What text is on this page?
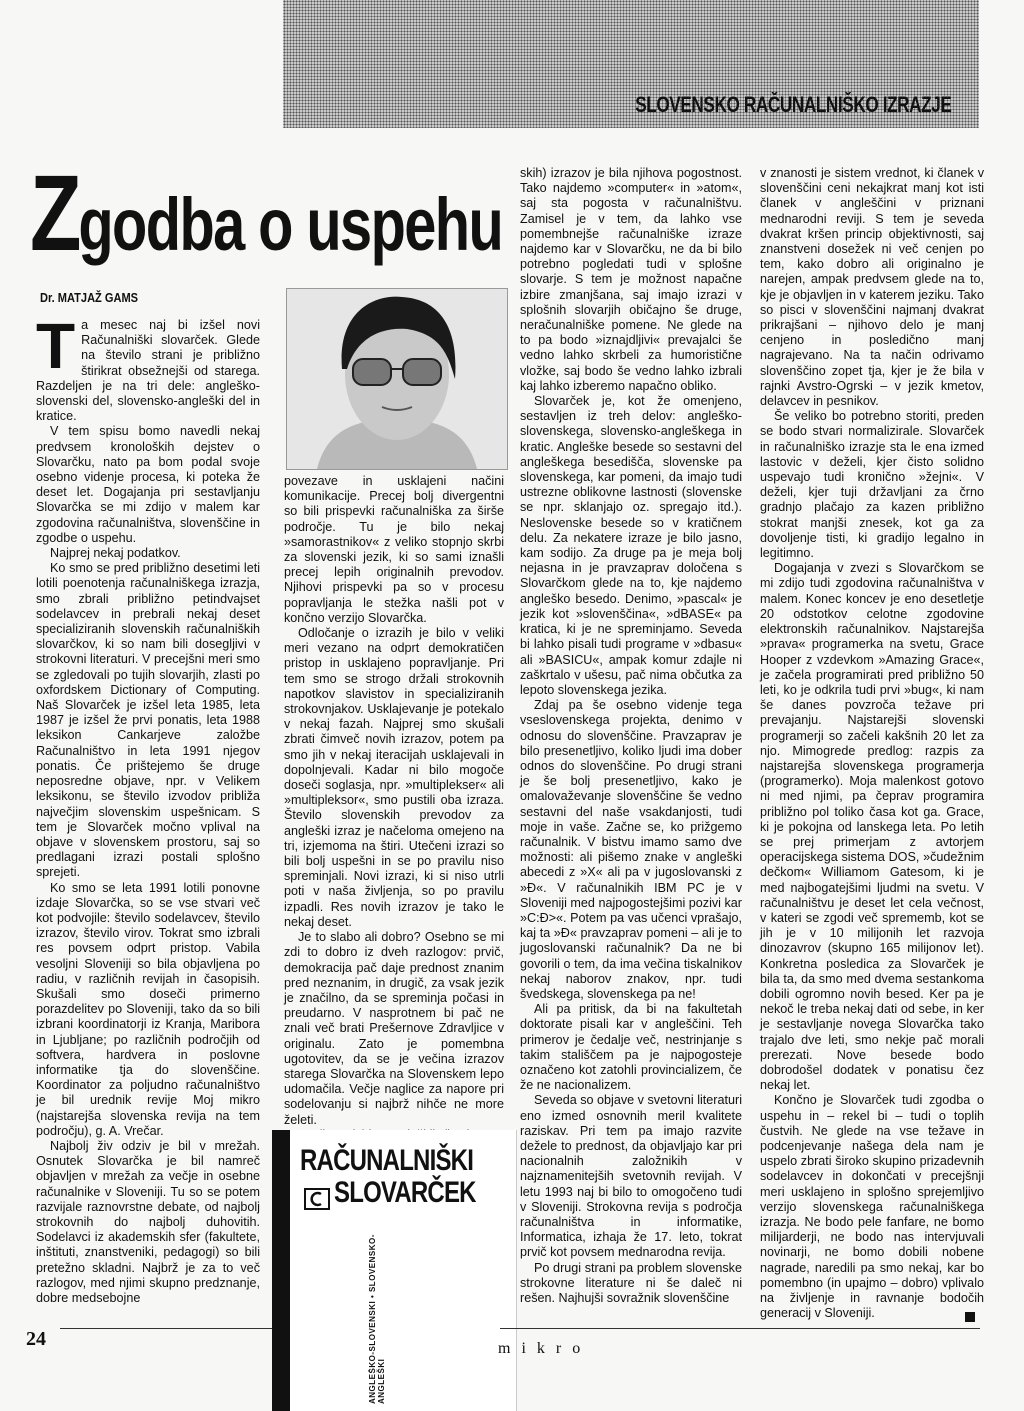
SLOVENSKO RAČUNALNIŠKO IZRAZJE
Zgodba o uspehu
Dr. MATJAŽ GAMS

Ta mesec naj bi izšel novi Računalniški slovarček. Glede na število strani je približno štirikrat obsežnejši od starega. Razdeljen je na tri dele: angleško-slovenski del, slovensko-angleški del in kratice.

V tem spisu bomo navedli nekaj predvsem kronoloških dejstev o Slovarčku, nato pa bom podal svoje osebno videnje procesa, ki poteka že deset let. Dogajanja pri sestavljanju Slovarčka se mi zdijo v malem kar zgodovina računalništva, slovenščine in zgodbe o uspehu.

Najprej nekaj podatkov.

Ko smo se pred približno desetimi leti lotili poenotenja računalniškega izrazja, smo zbrali približno petindvajset sodelavcev in prebrali nekaj deset specializiranih slovenskih računalniških slovarčkov, ki so nam bili dosegljivi v strokovni literaturi. V precejšni meri smo se zgledovali po tujih slovarjih, zlasti po oxfordskem Dictionary of Computing. Naš Slovarček je izšel leta 1985, leta 1987 je izšel že prvi ponatis, leta 1988 leksikon Cankarjeve založbe Računalništvo in leta 1991 njegov ponatis. Če prištejemo še druge neposredne objave, npr. v Velikem leksikonu, se število izvodov približa največjim slovenskim uspešnicam. S tem je Slovarček močno vplival na objave v slovenskem prostoru, saj so predlagani izrazi postali splošno sprejeti.

Ko smo se leta 1991 lotili ponovne izdaje Slovarčka, so se vse stvari več kot podvojile: število sodelavcev, število izrazov, število virov. Tokrat smo izbrali res povsem odprt pristop. Vabila vesoljni Sloveniji so bila objavljena po radiu, v različnih revijah in časopisih. Skušali smo doseči primerno porazdelitev po Sloveniji, tako da so bili izbrani koordinatorji iz Kranja, Maribora in Ljubljane; po različnih področjih od softvera, hardvera in poslovne informatike tja do slovenščine. Koordinator za poljudno računalništvo je bil urednik revije Moj mikro (najstarejša slovenska revija na tem področju), g. A. Vrečar.

Najbolj živ odziv je bil v mrežah. Osnutek Slovarčka je bil namreč objavljen v mrežah za večje in osebne računalnike v Sloveniji. Tu so se potem razvijale raznovrstne debate, od najbolj strokovnih do najbolj duhovitih. Sodelavci iz akademskih sfer (fakultete, inštituti, znanstveniki, pedagogi) so bili pretežno skladni. Najbrž je za to več razlogov, med njimi skupno predznanje, dobre medsebojne

povezave in usklajeni načini komunikacije. Precej bolj divergentni so bili prispevki računalniška za širše področje. Tu je bilo nekaj »samorastnikov« z veliko stopnjo skrbi za slovenski jezik, ki so sami iznašli precej lepih originalnih prevodov. Njihovi prispevki pa so v procesu popravljanja le stežka našli pot v končno verzijo Slovarčka.

Odločanje o izrazih je bilo v veliki meri vezano na odprt demokratičen pristop in usklajeno popravljanje. Pri tem smo se strogo držali strokovnih napotkov slavistov in specializiranih strokovnjakov. Usklajevanje je potekalo v nekaj fazah. Najprej smo skušali zbrati čimveč novih izrazov, potem pa smo jih v nekaj iteracijah usklajevali in dopolnjevali. Kadar ni bilo mogoče doseči soglasja, npr. »multiplekser« ali »multipleksor«, smo pustili oba izraza. Število slovenskih prevodov za angleški izraz je načeloma omejeno na tri, izjemoma na štiri. Utečeni izrazi so bili bolj uspešni in se po pravilu niso spreminjali. Novi izrazi, ki si niso utrli poti v naša življenja, so po pravilu izpadli. Res novih izrazov je tako le nekaj deset.

Je to slabo ali dobro? Osebno se mi zdi to dobro iz dveh razlogov: prvič, demokracija pač daje prednost znanim pred neznanim, in drugič, za vsak jezik je značilno, da se spreminja počasi in preudarno. V nasprotnem bi pač ne znali več brati Prešernove Zdravljice v originalu. Zato je pomembna ugotovitev, da se je večina izrazov starega Slovarčka na Slovenskem lepo udomačila. Večje naglice za napore pri sodelovanju si najbrž nihče ne more želeti.

skih) izrazov je bila njihova pogostnost. Tako najdemo »computer« in »atom«, saj sta pogosta v računalništvu. Zamisel je v tem, da lahko vse pomembnejše računalniške izraze najdemo kar v Slovarčku, ne da bi bilo potrebno pogledati tudi v splošne slovarje. S tem je možnost napačne izbire zmanjšana, saj imajo izrazi v splošnih slovarjih običajno še druge, neračunalniške pomene. Ne glede na to pa bodo »iznajdljivi« prevajalci še vedno lahko skrbeli za humoristične vložke, saj bodo še vedno lahko izbrali kaj lahko izberemo napačno obliko.

Slovarček je, kot že omenjeno, sestavljen iz treh delov: angleško- slovenskega, slovensko-angleškega in kratic. Angleške besede so sestavni del angleškega besedišča, slovenske pa slovenskega, kar pomeni, da imajo tudi ustrezne oblikovne lastnosti (slovenske se npr. sklanjajo oz. spregajo itd.). Neslovenske besede so v kratičnem delu. Za nekatere izraze je bilo jasno, kam sodijo. Za druge pa je meja bolj nejasna in je pravzaprav določena s Slovarčkom glede na to, kje najdemo angleško besedo. Denimo, »pascal« je jezik kot »slovenščina«, »dBASE« pa kratica, ki je ne spreminjamo. Seveda bi lahko pisali tudi programe v »dbasu« ali »BASICU«, ampak komur zdajle ni zaškrtalo v ušesu, pač nima občutka za lepoto slovenskega jezika.

Zdaj pa še osebno videnje tega vseslovenskega projekta, denimo v odnosu do slovenščine. Pravzaprav je bilo presenetljivo, koliko ljudi ima dober odnos do slovenščine. Po drugi strani je še bolj presenetljivo, kako je omalovaževanje slovenščine še vedno sestavni del naše vsakdanjosti, tudi moje in vaše. Začne se, ko prižgemo računalnik. V bistvu imamo samo dve možnosti: ali pišemo znake v angleški abecedi z »X« ali pa v jugoslovanski z »Đ«. V računalnikih IBM PC je v Sloveniji med najpogostejšimi pozivi kar »C:Đ>«. Potem pa vas učenci vprašajo, kaj ta »Đ« pravzaprav pomeni – ali je to jugoslovanski računalnik? Da ne bi govorili o tem, da ima večina tiskalnikov nekaj naborov znakov, npr. tudi švedskega, slovenskega pa ne!

Ali pa pritisk, da bi na fakultetah doktorate pisali kar v angleščini. Teh primerov je čedalje več, nestrinjanje s takim stališčem pa je najpogosteje označeno kot zatohli provincializem, če že ne nacionalizem.

Seveda so objave v svetovni literaturi eno izmed osnovnih meril kvalitete raziskav. Pri tem pa imajo razvite dežele to prednost, da objavljajo kar pri nacionalnih založnikih v najznamenitejših svetovnih revijah. V letu 1993 naj bi bilo to omogočeno tudi v Sloveniji. Strokovna revija s področja računalništva in informatike, Informatica, izhaja že 17. leto, tokrat prvič kot povsem mednarodna revija.

Po drugi strani pa problem slovenske strokovne literature ni še daleč ni rešen. Najhujši sovražnik slovenščine

v znanosti je sistem vrednot, ki članek v slovenščini ceni nekajkrat manj kot isti članek v angleščini v priznani mednarodni reviji. S tem je seveda dvakrat kršen princip objektivnosti, saj znanstveni dosežek ni več cenjen po tem, kako dobro ali originalno je narejen, ampak predvsem glede na to, kje je objavljen in v katerem jeziku. Tako so pisci v slovenščini najmanj dvakrat prikrajšani – njihovo delo je manj cenjeno in posledično manj nagrajevano. Na ta način odrivamo slovenščino zopet tja, kjer je že bila v rajnki Avstro-Ogrski – v jezik kmetov, delavcev in pesnikov.

Še veliko bo potrebno storiti, preden se bodo stvari normalizirale. Slovarček in računalniško izrazje sta le ena izmed lastovic v deželi, kjer čisto solidno uspevajo tudi kronično »žejni«. V deželi, kjer tuji državljani za črno gradnjo plačajo za kazen približno stokrat manjši znesek, kot ga za dovoljenje tisti, ki gradijo legalno in legitimno.

Dogajanja v zvezi s Slovarčkom se mi zdijo tudi zgodovina računalništva v malem. Konec koncev je eno desetletje 20 odstotkov celotne zgodovine elektronskih računalnikov. Najstarejša »prava« programerka na svetu, Grace Hooper z vzdevkom »Amazing Grace«, je začela programirati pred približno 50 leti, ko je odkrila tudi prvi »bug«, ki nam še danes povzroča težave pri prevajanju. Najstarejši slovenski programerji so začeli kakšnih 20 let za njo. Mimogrede predlog: razpis za najstarejša slovenskega programerja (programerko). Moja malenkost gotovo ni med njimi, pa čeprav programira približno pol toliko časa kot ga. Grace, ki je pokojna od lanskega leta. Po letih se prej primerjam z avtorjem operacijskega sistema DOS, »čudežnim dečkom« Williamom Gatesom, ki je med najbogatejšimi ljudmi na svetu. V računalništvu je deset let cela večnost, v kateri se zgodi več sprememb, kot se jih je v 10 milijonih let razvoja dinozavrov (skupno 165 milijonov let). Konkretna posledica za Slovarček je bila ta, da smo med dvema sestankoma dobili ogromno novih besed. Ker pa je nekoč le treba nekaj dati od sebe, in ker je sestavljanje novega Slovarčka tako trajalo dve leti, smo nekje pač morali prerezati. Nove besede bodo dobrodošel dodatek v ponatisu čez nekaj let.

Končno je Slovarček tudi zgodba o uspehu in – rekel bi – tudi o toplih čustvih. Ne glede na vse težave in podcenjevanje našega dela nam je uspelo zbrati široko skupino prizadevnih sodelavcev in dokončati v precejšnji meri usklajeno in splošno sprejemljivo verzijo slovenskega računalniškega izrazja. Ne bodo pele fanfare, ne bomo milijarderji, ne bodo nas intervjuvali novinarji, ne bomo dobili nobene nagrade, naredili pa smo nekaj, kar bo pomembno (in upajmo – dobro) vplivalo na življenje in ravnanje bodočih generacij v Sloveniji.

RAČUNALNIŠKI
SLOVARČEK
ANGLEŠKO-SLOVENSKI • SLOVENSKO-ANGLEŠKI
24	mikro
